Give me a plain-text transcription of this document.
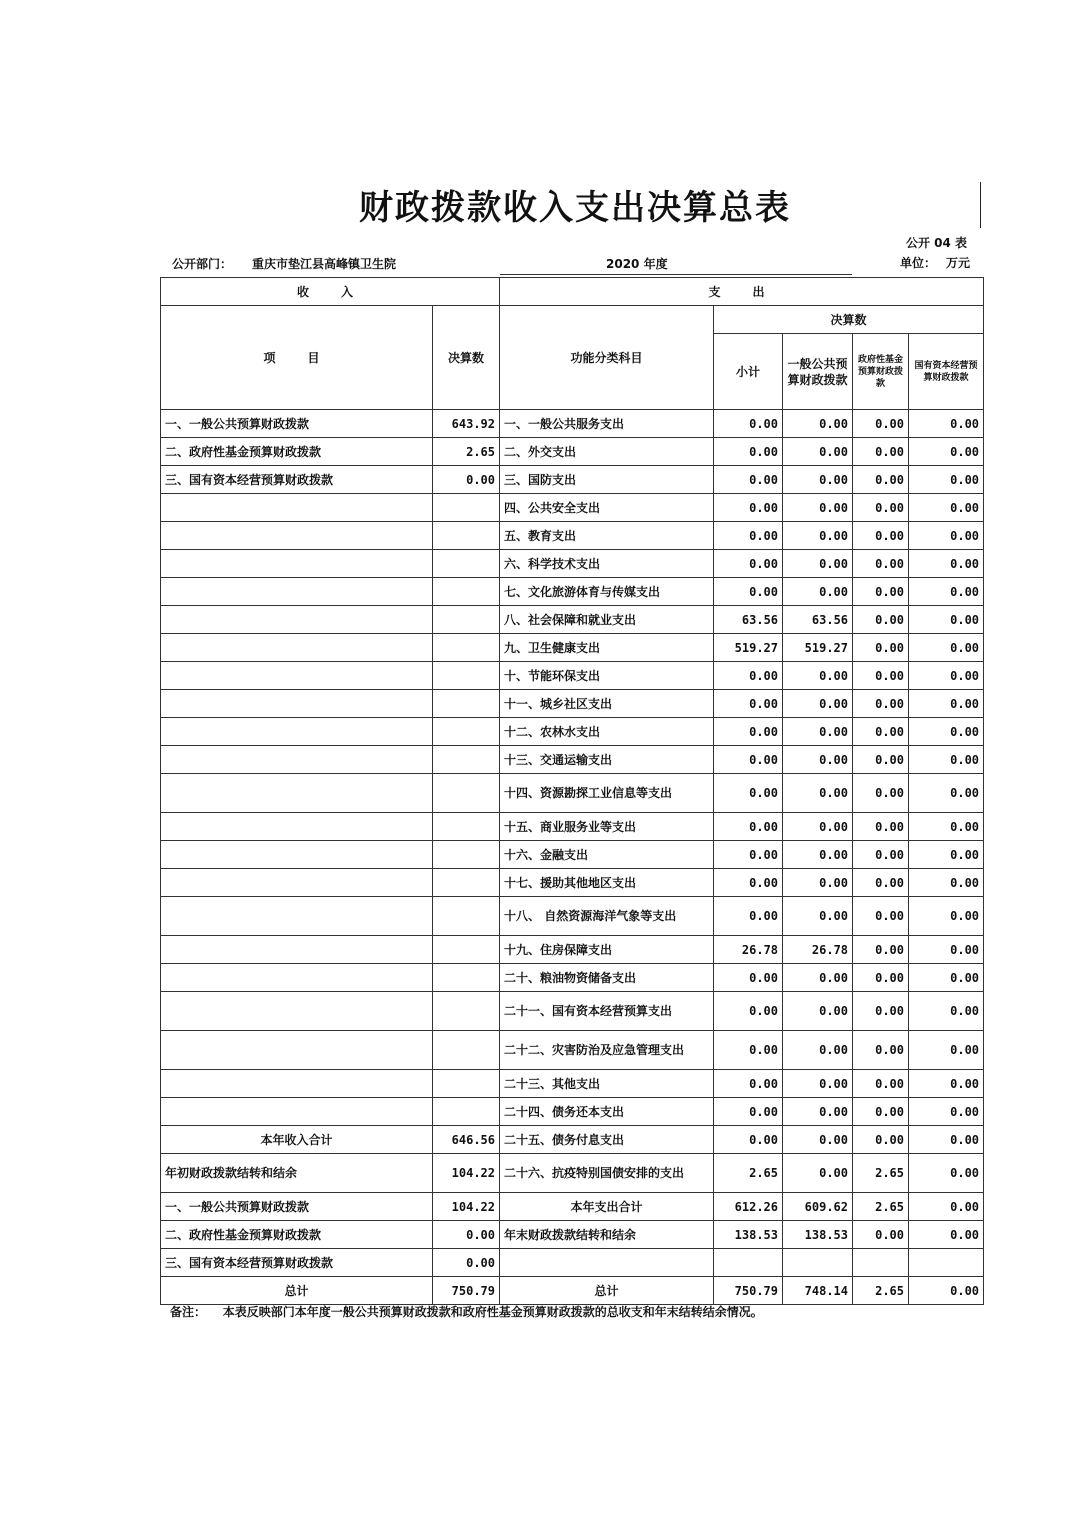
财政拨款收入支出决算总表
公开 04 表
公开部门： 重庆市垫江县高峰镇卫生院	2020 年度	单位： 万元
收　入		支　出				
项　目	决算数	功能分类科目	决算数			
			小计	一般公共预算财政拨款	政府性基金预算财政拨款	国有资本经营预算财政拨款
一、一般公共预算财政拨款	643.92	一、一般公共服务支出	0.00	0.00	0.00	0.00
二、政府性基金预算财政拨款	2.65	二、外交支出	0.00	0.00	0.00	0.00
三、国有资本经营预算财政拨款	0.00	三、国防支出	0.00	0.00	0.00	0.00
		四、公共安全支出	0.00	0.00	0.00	0.00
		五、教育支出	0.00	0.00	0.00	0.00
		六、科学技术支出	0.00	0.00	0.00	0.00
		七、文化旅游体育与传媒支出	0.00	0.00	0.00	0.00
		八、社会保障和就业支出	63.56	63.56	0.00	0.00
		九、卫生健康支出	519.27	519.27	0.00	0.00
		十、节能环保支出	0.00	0.00	0.00	0.00
		十一、城乡社区支出	0.00	0.00	0.00	0.00
		十二、农林水支出	0.00	0.00	0.00	0.00
		十三、交通运输支出	0.00	0.00	0.00	0.00
		十四、资源勘探工业信息等支出	0.00	0.00	0.00	0.00
		十五、商业服务业等支出	0.00	0.00	0.00	0.00
		十六、金融支出	0.00	0.00	0.00	0.00
		十七、援助其他地区支出	0.00	0.00	0.00	0.00
		十八、 自然资源海洋气象等支出	0.00	0.00	0.00	0.00
		十九、住房保障支出	26.78	26.78	0.00	0.00
		二十、粮油物资储备支出	0.00	0.00	0.00	0.00
		二十一、国有资本经营预算支出	0.00	0.00	0.00	0.00
		二十二、灾害防治及应急管理支出	0.00	0.00	0.00	0.00
		二十三、其他支出	0.00	0.00	0.00	0.00
		二十四、债务还本支出	0.00	0.00	0.00	0.00
本年收入合计	646.56	二十五、债务付息支出	0.00	0.00	0.00	0.00
年初财政拨款结转和结余	104.22	二十六、抗疫特别国债安排的支出	2.65	0.00	2.65	0.00
一、一般公共预算财政拨款	104.22	本年支出合计	612.26	609.62	2.65	0.00
二、政府性基金预算财政拨款	0.00	年末财政拨款结转和结余	138.53	138.53	0.00	0.00
三、国有资本经营预算财政拨款	0.00					
总计	750.79	总计	750.79	748.14	2.65	0.00
备注： 本表反映部门本年度一般公共预算财政拨款和政府性基金预算财政拨款的总收支和年末结转结余情况。
